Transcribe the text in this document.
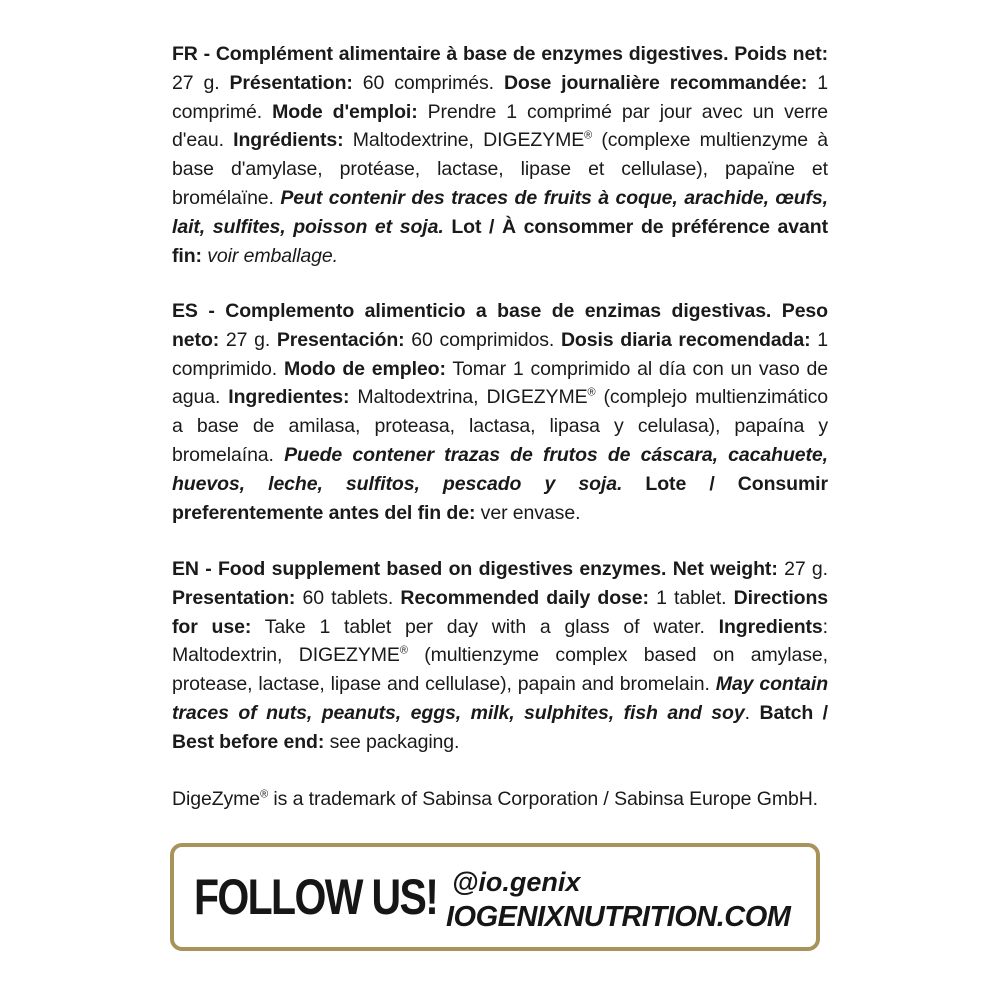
FR - Complément alimentaire à base de enzymes digestives. Poids net: 27 g. Présentation: 60 comprimés. Dose journalière recommandée: 1 comprimé. Mode d'emploi: Prendre 1 comprimé par jour avec un verre d'eau. Ingrédients: Maltodextrine, DIGEZYME® (complexe multienzyme à base d'amylase, protéase, lactase, lipase et cellulase), papaïne et bromélaïne. Peut contenir des traces de fruits à coque, arachide, œufs, lait, sulfites, poisson et soja. Lot / À consommer de préférence avant fin: voir emballage.
ES - Complemento alimenticio a base de enzimas digestivas. Peso neto: 27 g. Presentación: 60 comprimidos. Dosis diaria recomendada: 1 comprimido. Modo de empleo: Tomar 1 comprimido al día con un vaso de agua. Ingredientes: Maltodextrina, DIGEZYME® (complejo multienzimático a base de amilasa, proteasa, lactasa, lipasa y celulasa), papaína y bromelaína. Puede contener trazas de frutos de cáscara, cacahuete, huevos, leche, sulfitos, pescado y soja. Lote / Consumir preferentemente antes del fin de: ver envase.
EN - Food supplement based on digestives enzymes. Net weight: 27 g. Presentation: 60 tablets. Recommended daily dose: 1 tablet. Directions for use: Take 1 tablet per day with a glass of water. Ingredients: Maltodextrin, DIGEZYME® (multienzyme complex based on amylase, protease, lactase, lipase and cellulase), papain and bromelain. May contain traces of nuts, peanuts, eggs, milk, sulphites, fish and soy. Batch / Best before end: see packaging.
DigeZyme® is a trademark of Sabinsa Corporation / Sabinsa Europe GmbH.
FOLLOW US! @io.genix
IOGENIXNUTRITION.COM
